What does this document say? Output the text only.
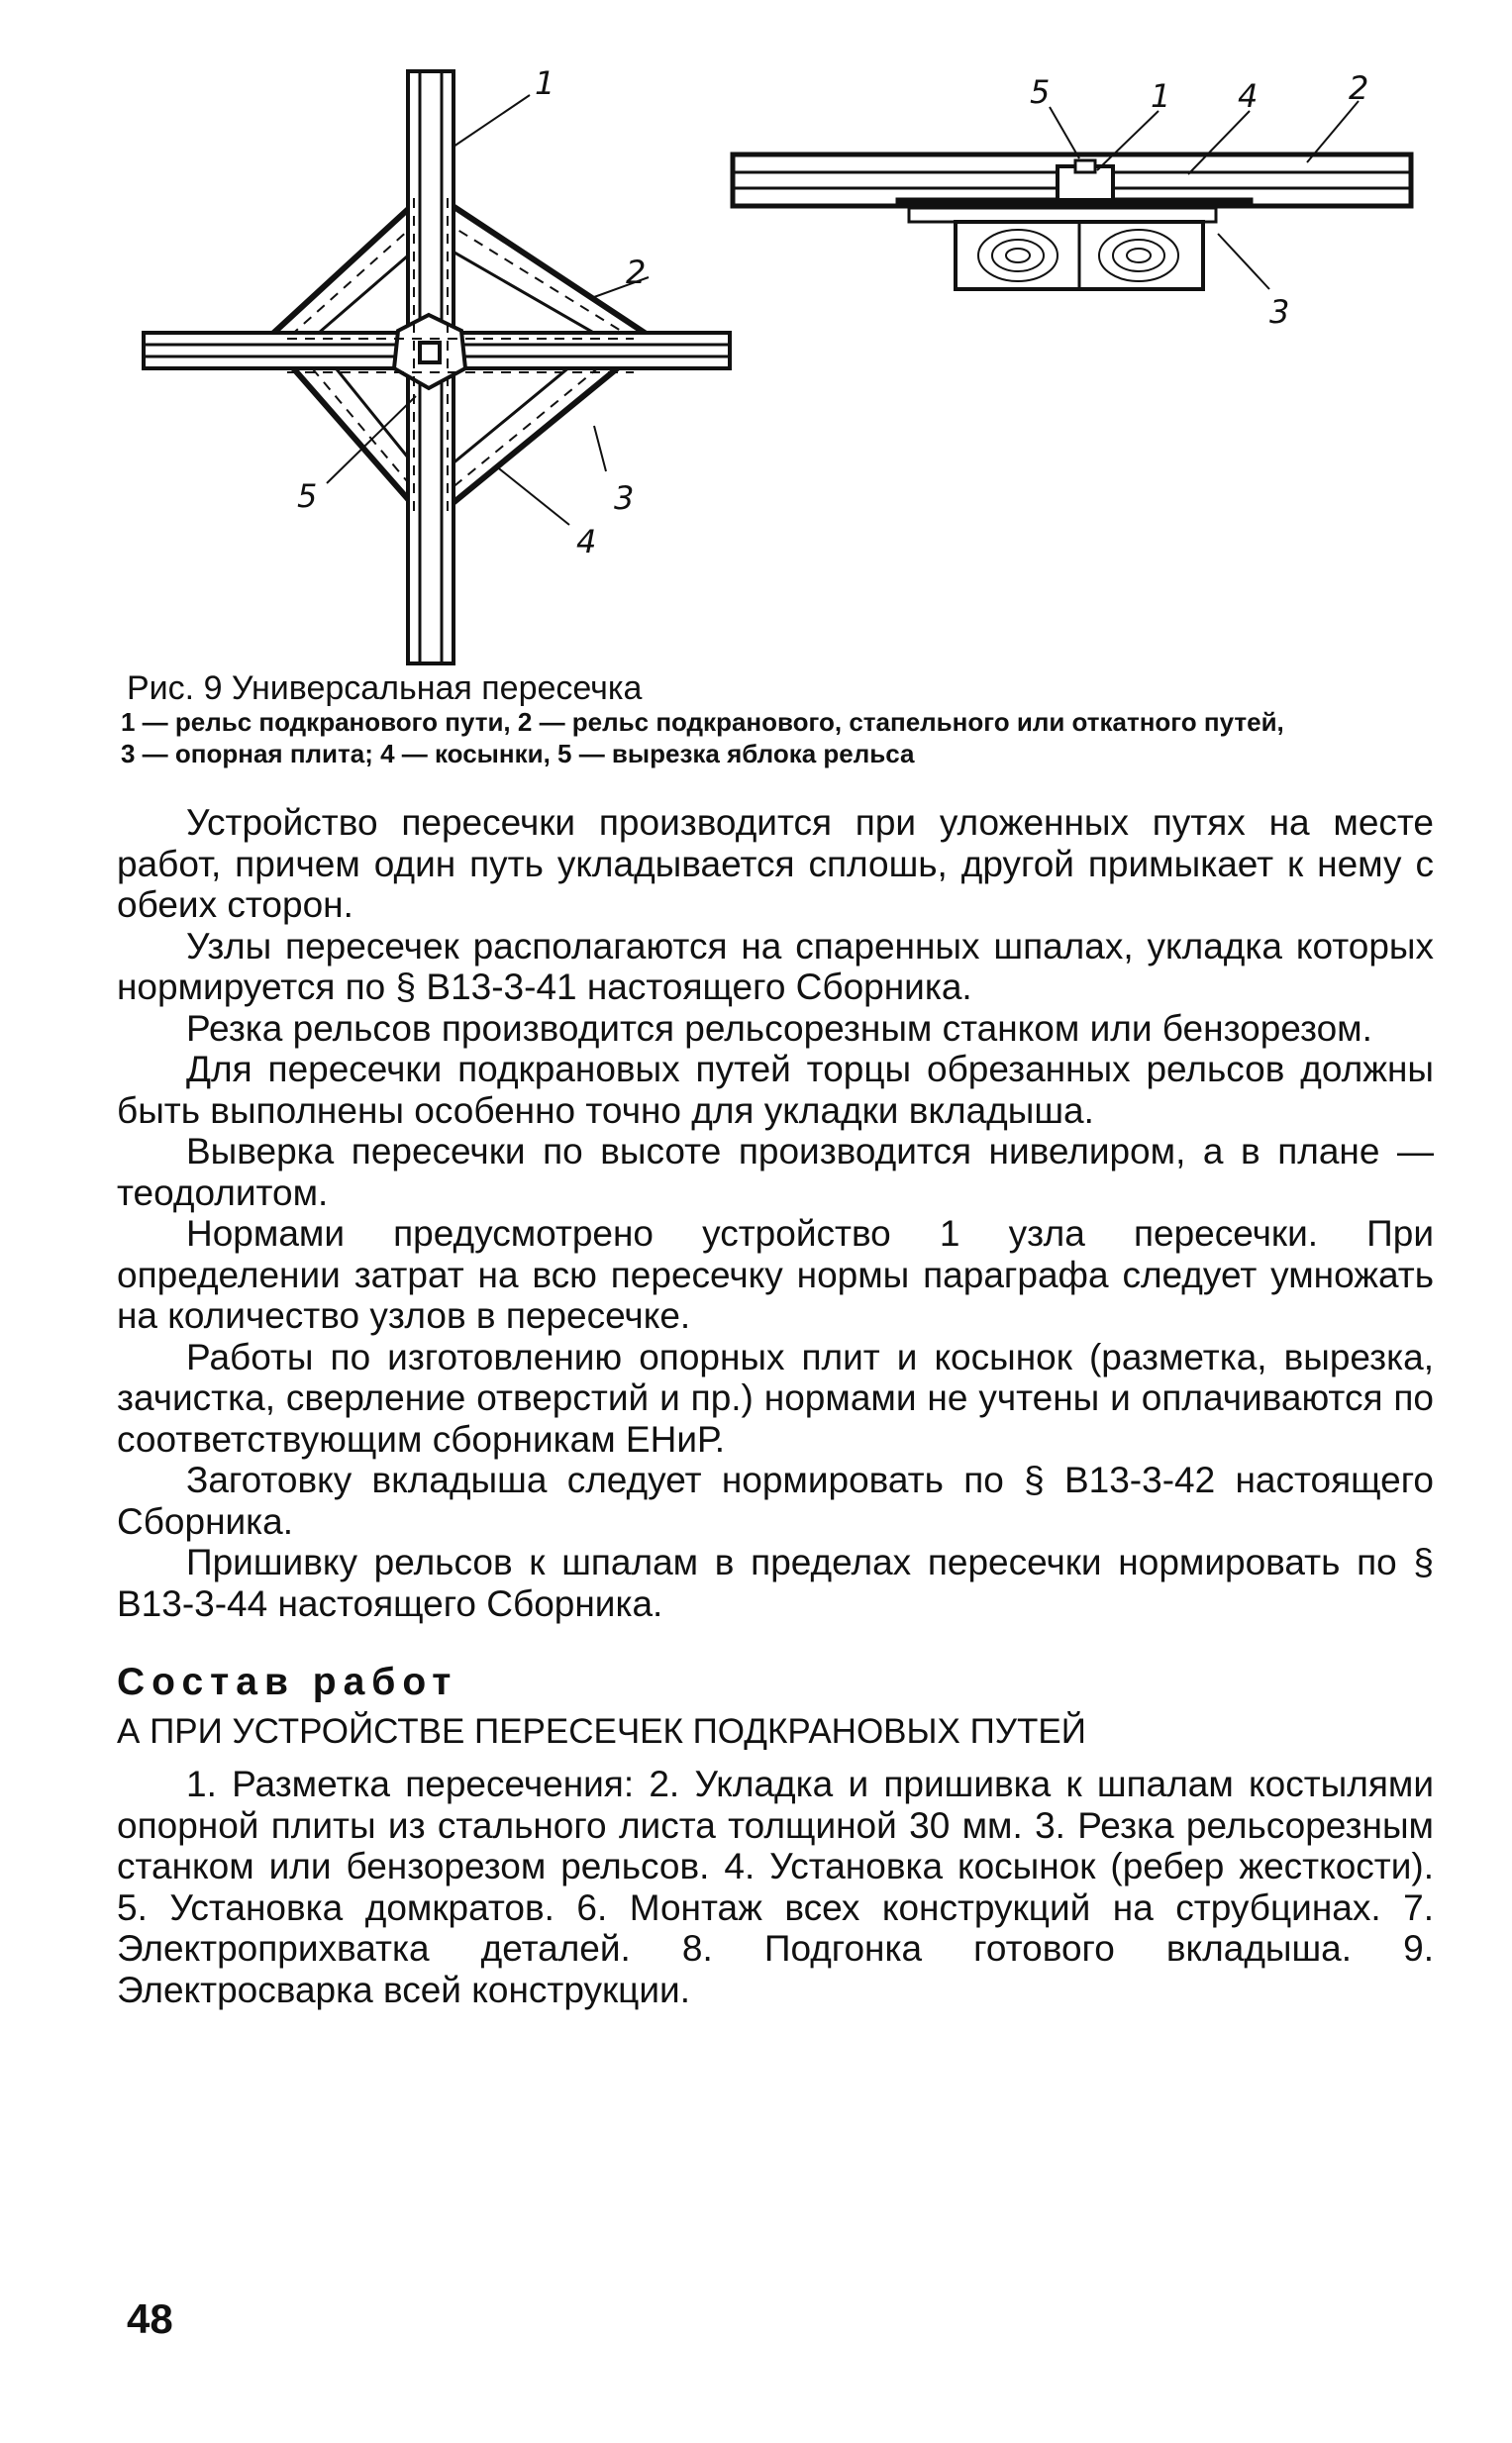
1
2
3
4
5
5	1 4	2
3
Рис. 9 Универсальная пересечка
1 — рельс подкранового пути, 2 — рельс подкранового, стапельного или откатного путей,
3 — опорная плита; 4 — косынки, 5 — вырезка яблока рельса

Устройство пересечки производится при уложенных путях на месте работ, причем один путь укладывается сплошь, другой примыкает к нему с обеих сторон.

Узлы пересечек располагаются на спаренных шпалах, укладка которых нормируется по § В13-3-41 настоящего Сборника.

Резка рельсов производится рельсорезным станком или бензорезом.

Для пересечки подкрановых путей торцы обрезанных рельсов должны быть выполнены особенно точно для укладки вкладыша.

Выверка пересечки по высоте производится нивелиром, а в плане — теодолитом.

Нормами предусмотрено устройство 1 узла пересечки. При определении затрат на всю пересечку нормы параграфа следует умножать на количество узлов в пересечке.

Работы по изготовлению опорных плит и косынок (разметка, вырезка, зачистка, сверление отверстий и пр.) нормами не учтены и оплачиваются по соответствующим сборникам ЕНиР.

Заготовку вкладыша следует нормировать по § В13-3-42 настоящего Сборника.

Пришивку рельсов к шпалам в пределах пересечки нормировать по § В13-3-44 настоящего Сборника.

Состав работ

А ПРИ УСТРОЙСТВЕ ПЕРЕСЕЧЕК ПОДКРАНОВЫХ ПУТЕЙ

1. Разметка пересечения: 2. Укладка и пришивка к шпалам костылями опорной плиты из стального листа толщиной 30 мм. 3. Резка рельсорезным станком или бензорезом рельсов. 4. Установка косынок (ребер жесткости). 5. Установка домкратов. 6. Монтаж всех конструкций на струбцинах. 7. Электроприхватка деталей. 8. Подгонка готового вкладыша. 9. Электросварка всей конструкции.

48
